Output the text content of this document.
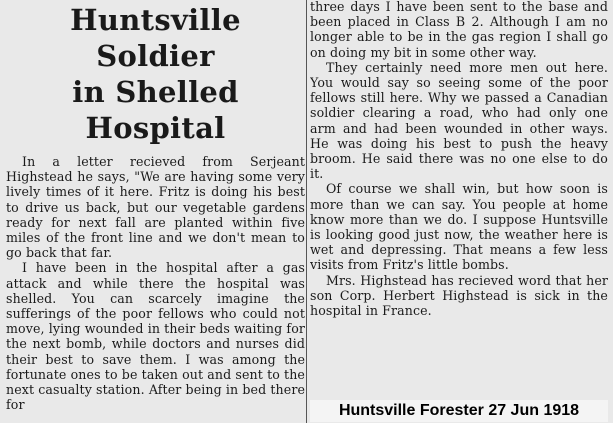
Huntsville Soldier
in Shelled
Hospital

In a letter recieved from Serjeant Highstead he says, "We are having some very lively times of it here. Fritz is doing his best to drive us back, but our vegetable gardens ready for next fall are planted within five miles of the front line and we don't mean to go back that far.

I have been in the hospital after a gas attack and while there the hospital was shelled. You can scarcely imagine the sufferings of the poor fellows who could not move, lying wounded in their beds waiting for the next bomb, while doctors and nurses did their best to save them. I was among the fortunate ones to be taken out and sent to the next casualty station. After being in bed there for

three days I have been sent to the base and been placed in Class B 2. Although I am no longer able to be in the gas region I shall go on doing my bit in some other way.

They certainly need more men out here. You would say so seeing some of the poor fellows still here. Why we passed a Canadian soldier clearing a road, who had only one arm and had been wounded in other ways. He was doing his best to push the heavy broom. He said there was no one else to do it.

Of course we shall win, but how soon is more than we can say. You people at home know more than we do. I suppose Huntsville is looking good just now, the weather here is wet and depressing. That means a few less visits from Fritz's little bombs.

Mrs. Highstead has recieved word that her son Corp. Herbert Highstead is sick in the hospital in France.

Huntsville Forester 27 Jun 1918
